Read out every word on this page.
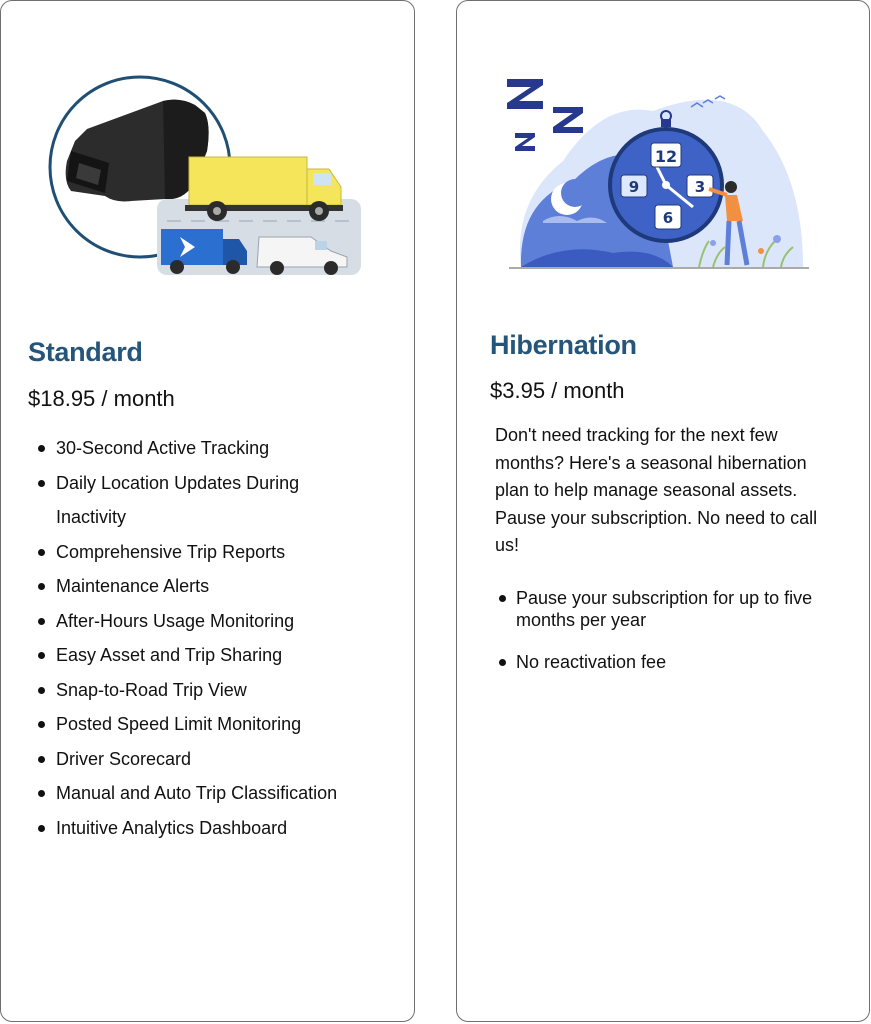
Standard

$18.95 / month

30-Second Active Tracking
Daily Location Updates During Inactivity
Comprehensive Trip Reports
Maintenance Alerts
After-Hours Usage Monitoring
Easy Asset and Trip Sharing
Snap-to-Road Trip View
Posted Speed Limit Monitoring
Driver Scorecard
Manual and Auto Trip Classification
Intuitive Analytics Dashboard
12
3
6
9
Hibernation

$3.95 / month

Don't need tracking for the next few months? Here's a seasonal hibernation plan to help manage seasonal assets. Pause your subscription. No need to call us!

Pause your subscription for up to five months per year
No reactivation fee
